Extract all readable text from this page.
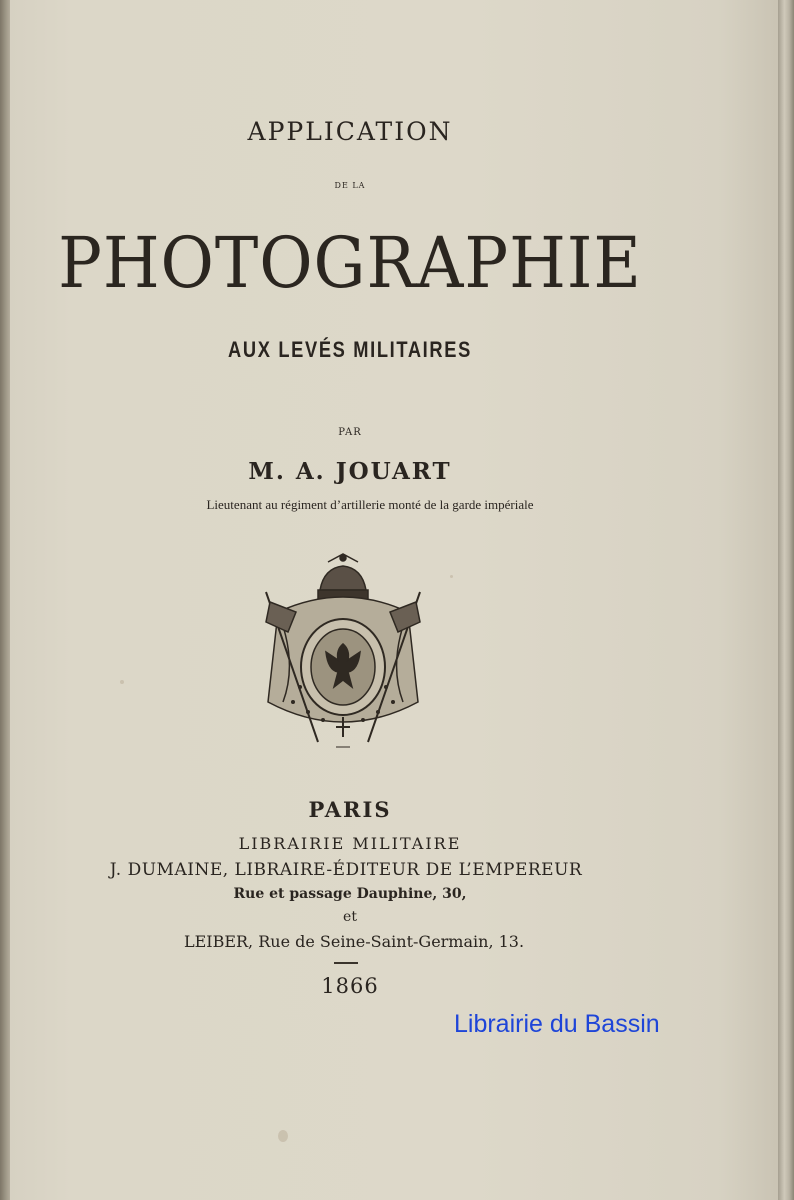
APPLICATION
DE LA
PHOTOGRAPHIE
AUX LEVÉS MILITAIRES
PAR
M. A. JOUART
Lieutenant au régiment d’artillerie monté de la garde impériale
PARIS
LIBRAIRIE MILITAIRE
J. DUMAINE, LIBRAIRE-ÉDITEUR DE L’EMPEREUR
Rue et passage Dauphine, 30,
et
LEIBER, Rue de Seine-Saint-Germain, 13.
1866
Librairie du Bassin
